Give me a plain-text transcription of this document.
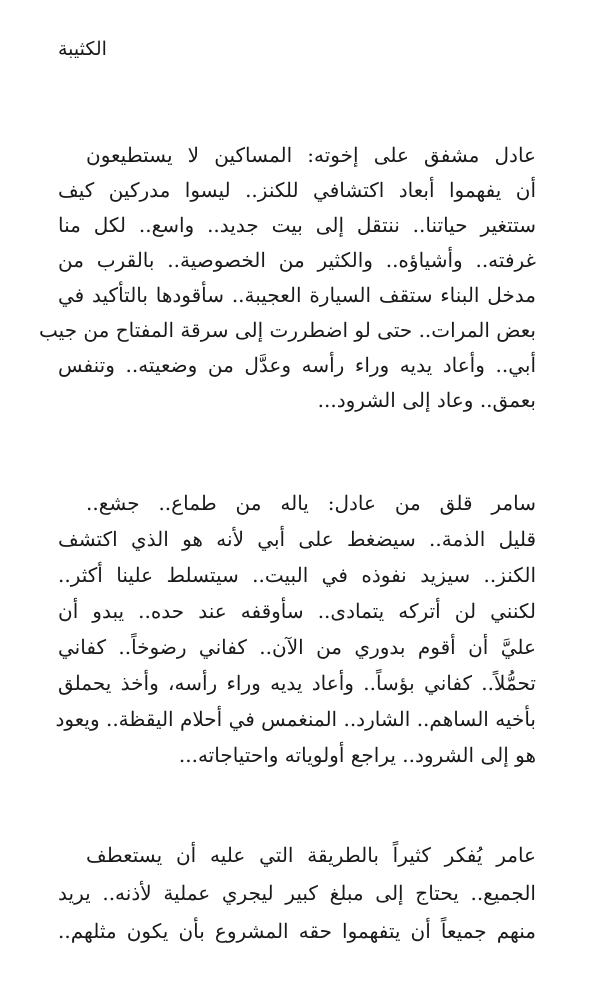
الكثيبة
عادل مشفق على إخوته: المساكين لا يستطيعون
أن يفهموا أبعاد اكتشافي للكنز.. ليسوا مدركين كيف
ستتغير حياتنا.. ننتقل إلى بيت جديد.. واسع.. لكل منا
غرفته.. وأشياؤه.. والكثير من الخصوصية.. بالقرب من
مدخل البناء ستقف السيارة العجيبة.. سأقودها بالتأكيد في
بعض المرات.. حتى لو اضطررت إلى سرقة المفتاح من جيب
أبي.. وأعاد يديه وراء رأسه وعدَّل من وضعيته.. وتنفس
بعمق.. وعاد إلى الشرود...
سامر قلق من عادل: ياله من طماع.. جشع..
قليل الذمة.. سيضغط على أبي لأنه هو الذي اكتشف
الكنز.. سيزيد نفوذه في البيت.. سيتسلط علينا أكثر..
لكنني لن أتركه يتمادى.. سأوقفه عند حده.. يبدو أن
عليَّ أن أقوم بدوري من الآن.. كفاني رضوخاً.. كفاني
تحمُّلاً.. كفاني بؤساً.. وأعاد يديه وراء رأسه، وأخذ يحملق
بأخيه الساهم.. الشارد.. المنغمس في أحلام اليقظة.. ويعود
هو إلى الشرود.. يراجع أولوياته واحتياجاته...
عامر يُفكر كثيراً بالطريقة التي عليه أن يستعطف
الجميع.. يحتاج إلى مبلغ كبير ليجري عملية لأذنه.. يريد
منهم جميعاً أن يتفهموا حقه المشروع بأن يكون مثلهم..
